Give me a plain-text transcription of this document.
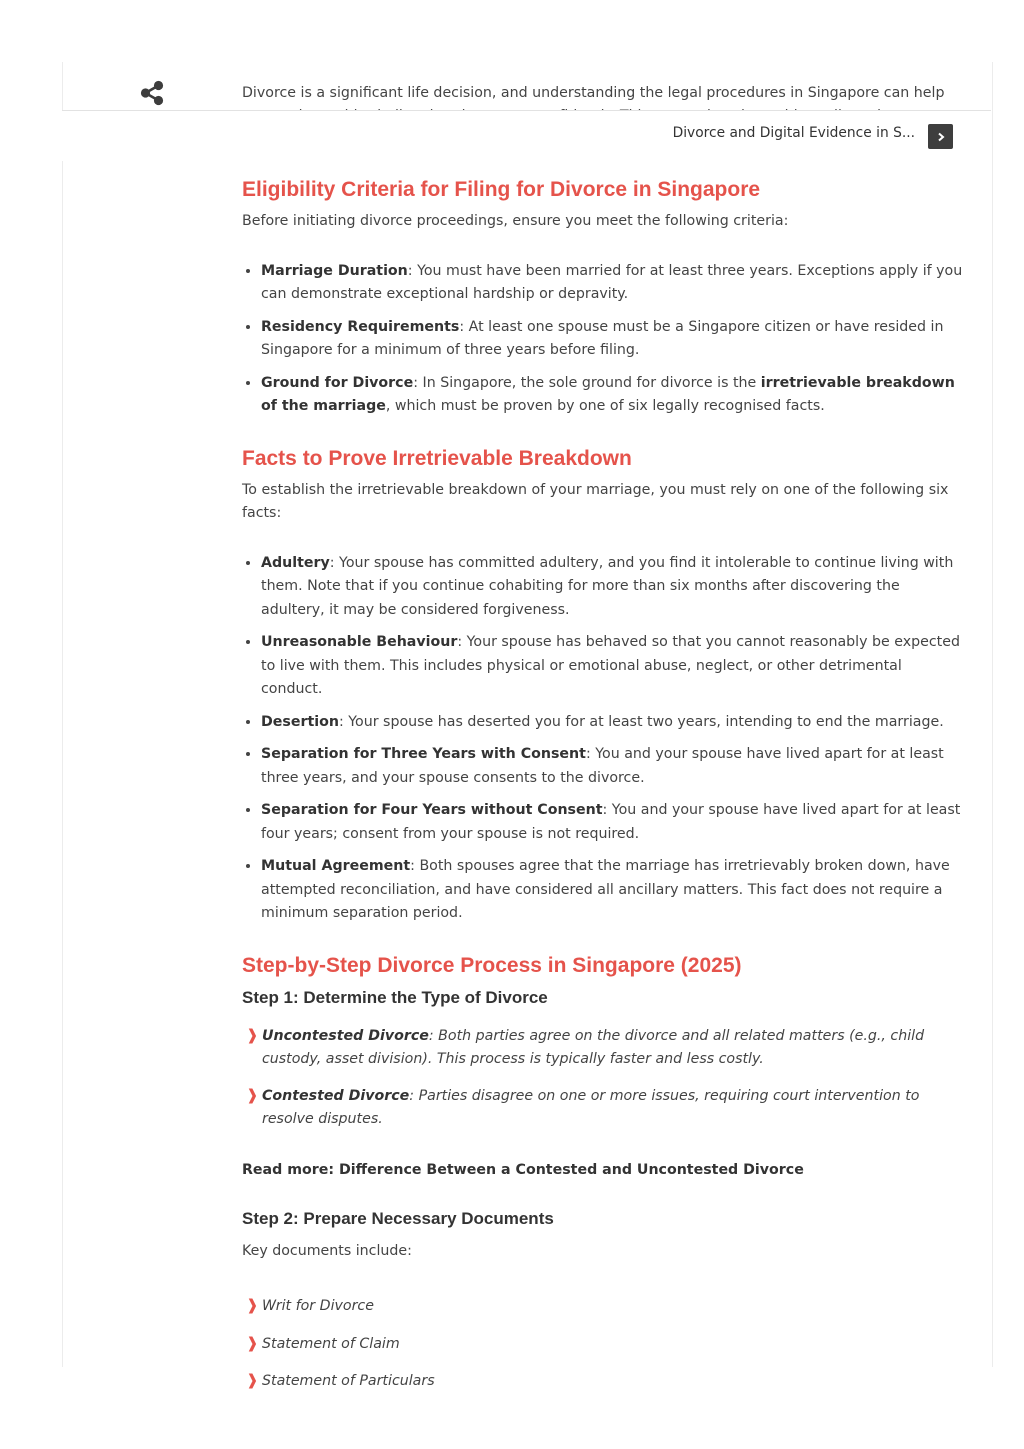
Divorce is a significant life decision, and understanding the legal procedures in Singapore can help
Divorce and Digital Evidence in S...
Eligibility Criteria for Filing for Divorce in Singapore

Before initiating divorce proceedings, ensure you meet the following criteria:

• Marriage Duration: You must have been married for at least three years. Exceptions apply if you can demonstrate exceptional hardship or depravity.
• Residency Requirements: At least one spouse must be a Singapore citizen or have resided in Singapore for a minimum of three years before filing.
• Ground for Divorce: In Singapore, the sole ground for divorce is the irretrievable breakdown of the marriage, which must be proven by one of six legally recognised facts.
Facts to Prove Irretrievable Breakdown

To establish the irretrievable breakdown of your marriage, you must rely on one of the following six facts:

• Adultery: Your spouse has committed adultery, and you find it intolerable to continue living with them. Note that if you continue cohabiting for more than six months after discovering the adultery, it may be considered forgiveness.
• Unreasonable Behaviour: Your spouse has behaved so that you cannot reasonably be expected to live with them. This includes physical or emotional abuse, neglect, or other detrimental conduct.
• Desertion: Your spouse has deserted you for at least two years, intending to end the marriage.
• Separation for Three Years with Consent: You and your spouse have lived apart for at least three years, and your spouse consents to the divorce.
• Separation for Four Years without Consent: You and your spouse have lived apart for at least four years; consent from your spouse is not required.
• Mutual Agreement: Both spouses agree that the marriage has irretrievably broken down, have attempted reconciliation, and have considered all ancillary matters. This fact does not require a minimum separation period.
Step-by-Step Divorce Process in Singapore (2025)
Step 1: Determine the Type of Divorce
❱ Uncontested Divorce: Both parties agree on the divorce and all related matters (e.g., child custody, asset division). This process is typically faster and less costly.
❱ Contested Divorce: Parties disagree on one or more issues, requiring court intervention to resolve disputes.
Read more: Difference Between a Contested and Uncontested Divorce
Step 2: Prepare Necessary Documents

Key documents include:

❱ Writ for Divorce
❱ Statement of Claim
❱ Statement of Particulars
